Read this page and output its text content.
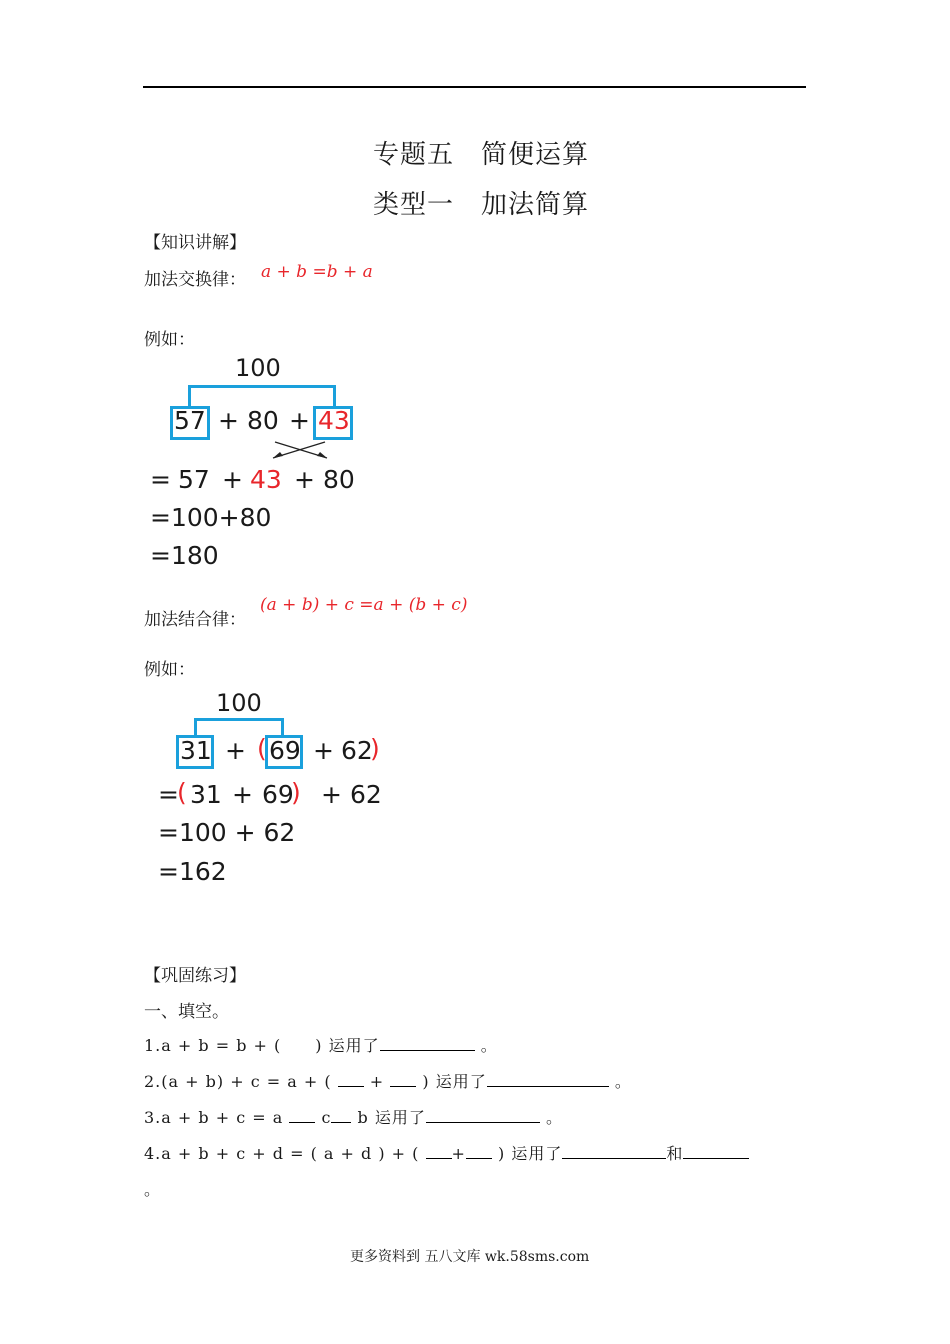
专题五　简便运算
类型一　加法简算
【知识讲解】
加法交换律： a + b =b + a
例如：
100
57 + 80 + 43
= 57 + 43 + 80
=100+80
=180
加法结合律：
(a + b) + c =a + (b + c)
例如：
100
31 + ( 69 + 62
)
=
( 31 + 69
) + 62
=100 + 62
=162
【巩固练习】
一、填空。
1.a + b = b + (　　) 运用了	。
2.(a + b) + c = a + ( + ) 运用了	。
3.a + b + c = a c b 运用了	。
4.a + b + c + d = ( a + d ) + ( + ) 运用了	和
。
更多资料到 五八文库 wk.58sms.com
